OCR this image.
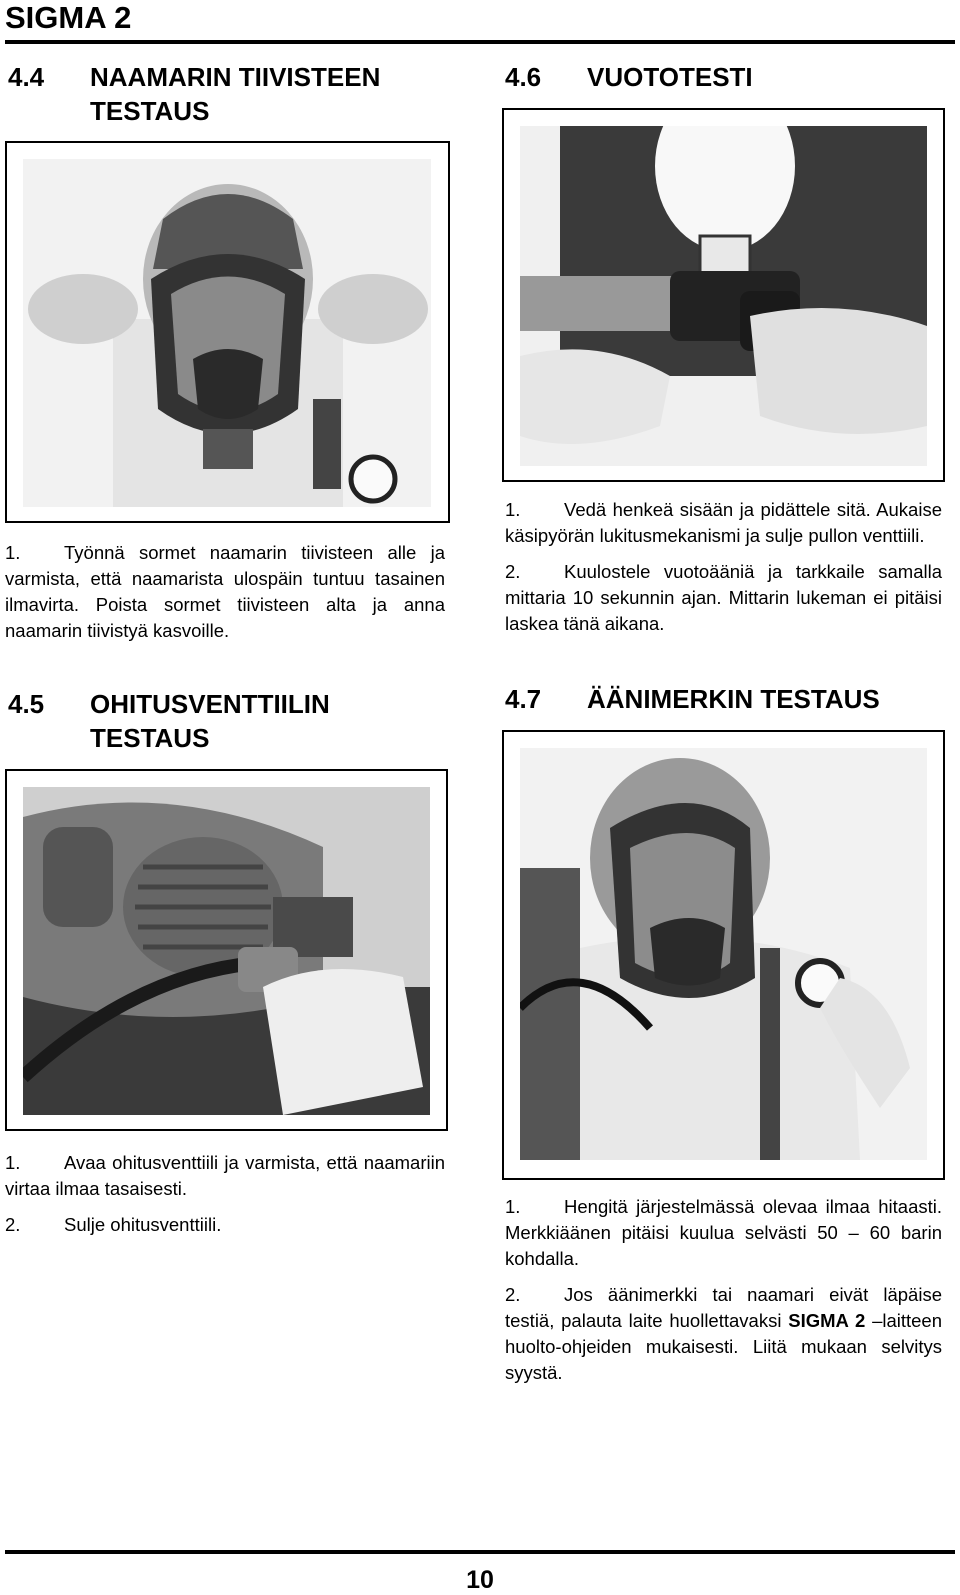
SIGMA 2
4.4 NAAMARIN TIIVISTEEN
TESTAUS

1. Työnnä sormet naamarin tiivisteen alle ja varmista, että naamarista ulospäin tuntuu tasainen ilmavirta. Poista sormet tiivisteen alta ja anna naamarin tiivistyä kasvoille.

4.5 OHITUSVENTTIILIN
TESTAUS

1. Avaa ohitusventtiili ja varmista, että naamariin virtaa ilmaa tasaisesti.

2. Sulje ohitusventtiili.

4.6 VUOTOTESTI

1. Vedä henkeä sisään ja pidättele sitä. Aukaise käsipyörän lukitusmekanismi ja sulje pullon venttiili.

2. Kuulostele vuotoääniä ja tarkkaile samalla mittaria 10 sekunnin ajan. Mittarin lukeman ei pitäisi laskea tänä aikana.

4.7 ÄÄNIMERKIN TESTAUS

1. Hengitä järjestelmässä olevaa ilmaa hitaasti. Merkkiäänen pitäisi kuulua selvästi 50 – 60 barin kohdalla.

2. Jos äänimerkki tai naamari eivät läpäise testiä, palauta laite huollettavaksi SIGMA 2 –laitteen huolto-ohjeiden mukaisesti. Liitä mukaan selvitys syystä.

10
